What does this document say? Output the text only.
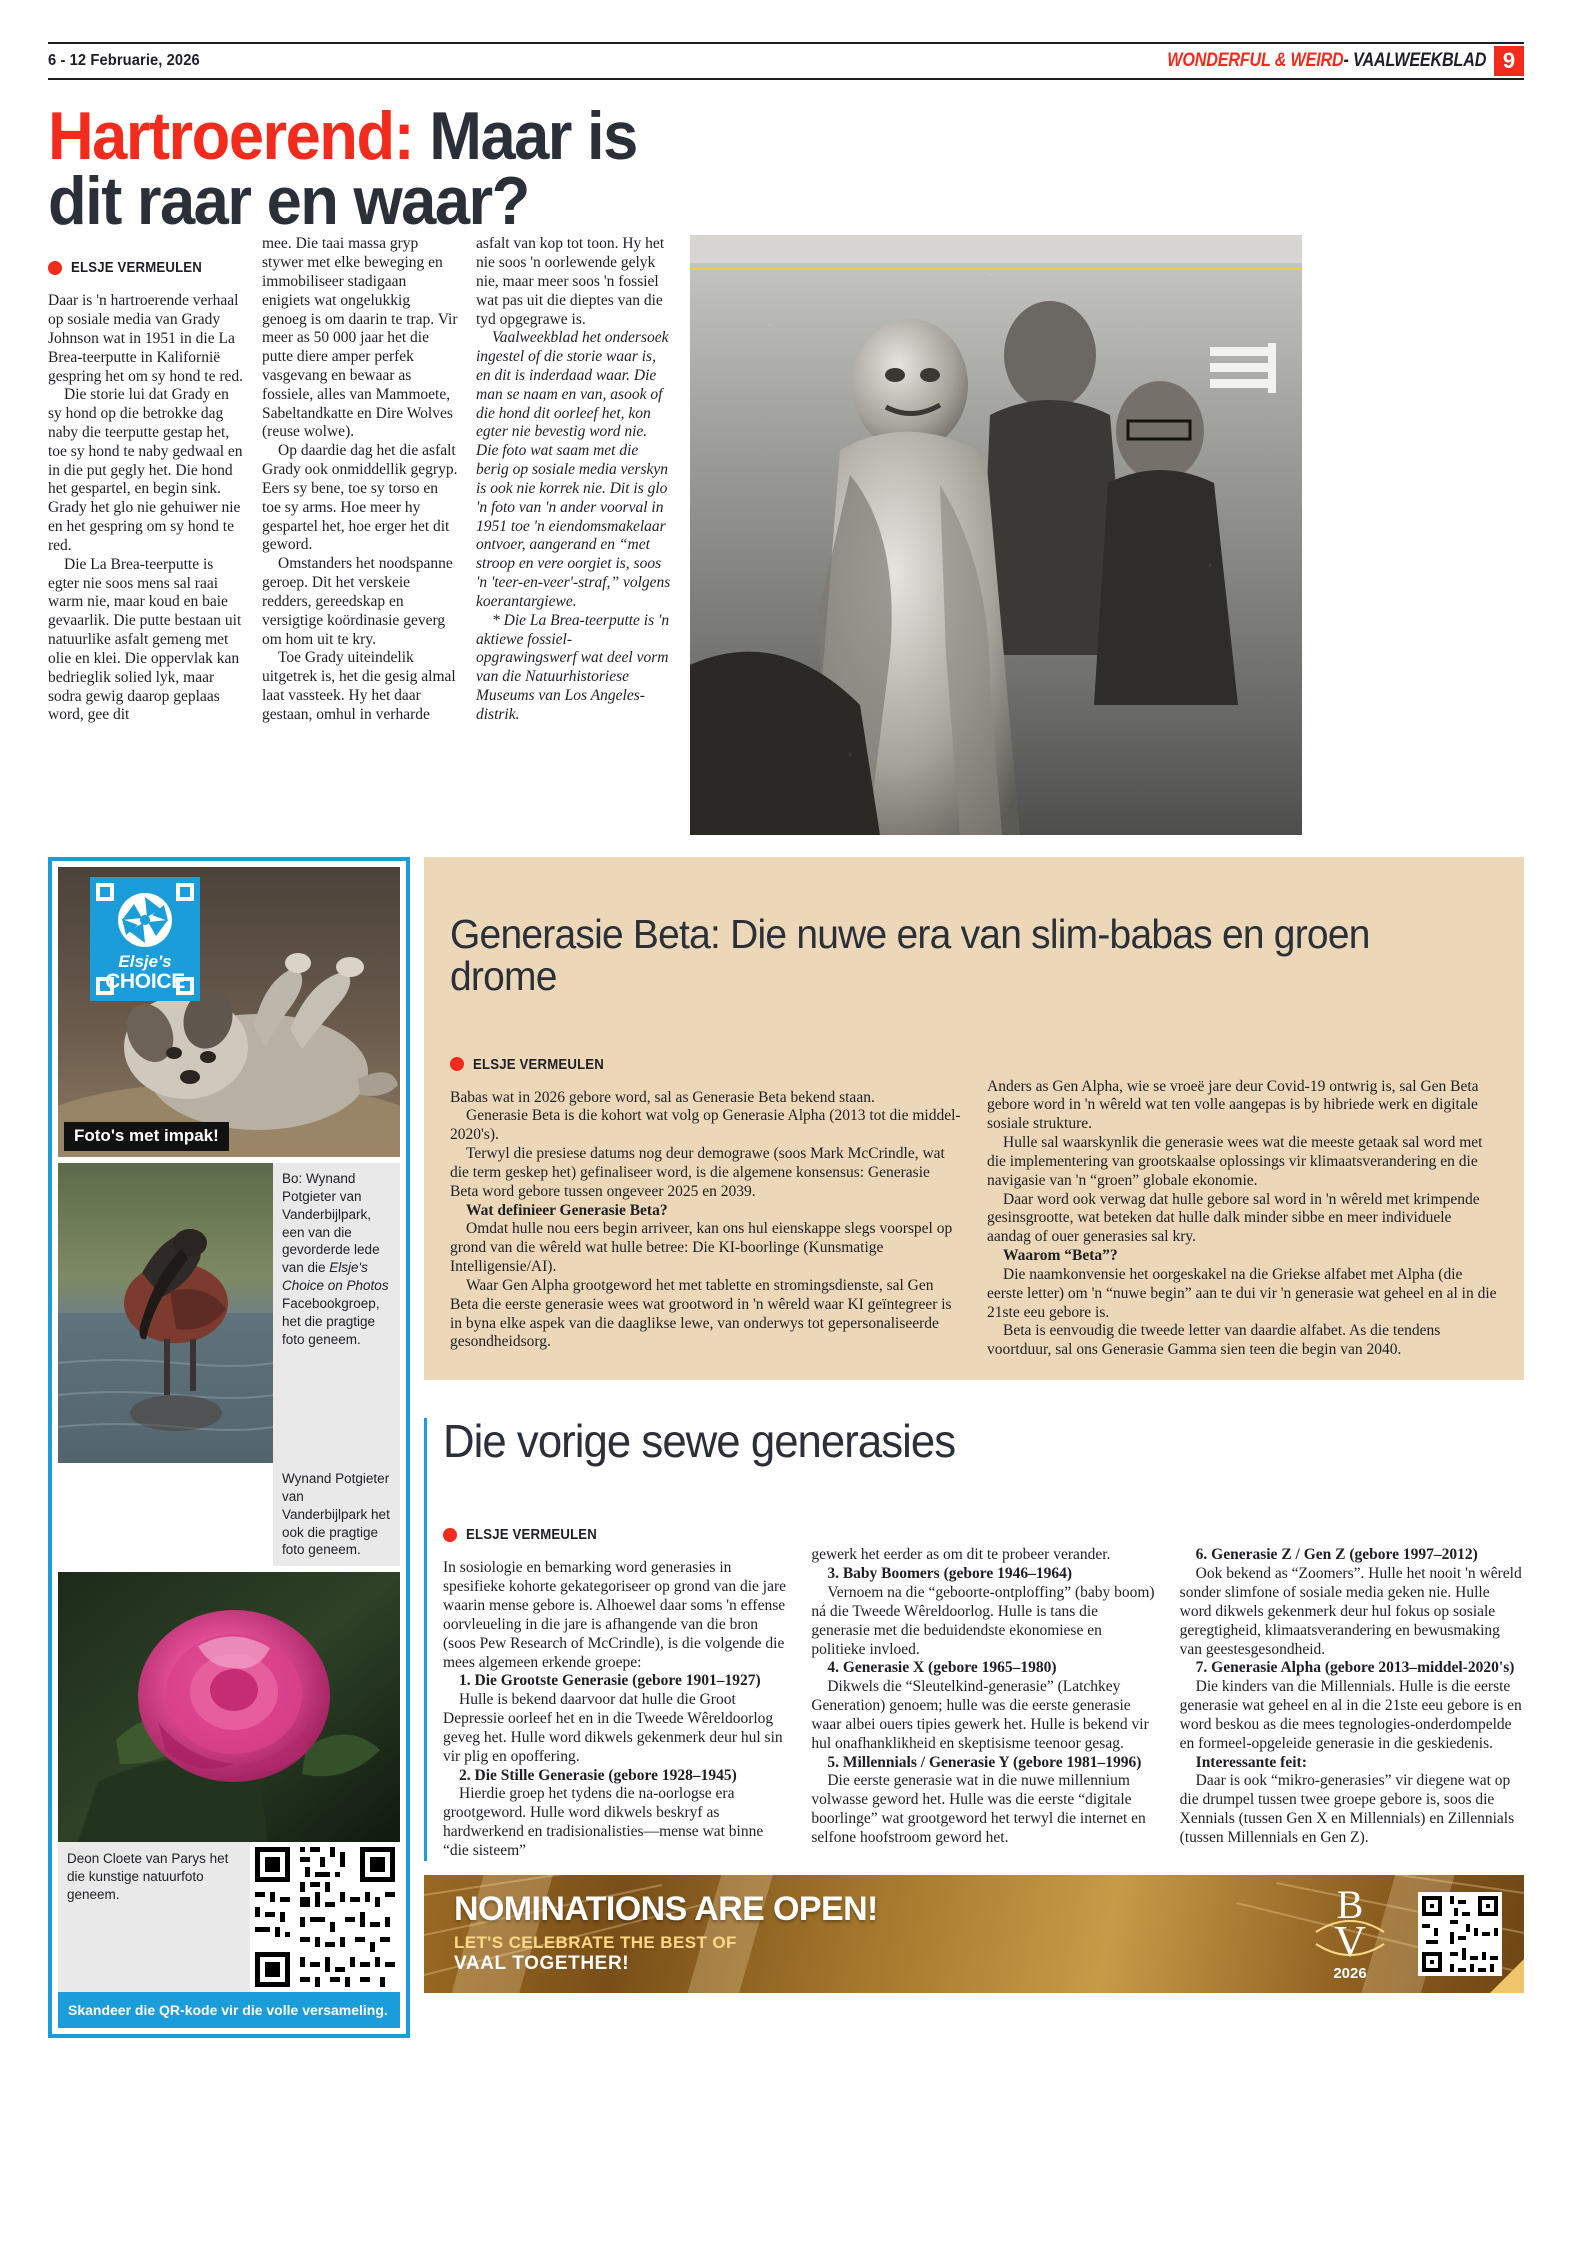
6 - 12 Februarie, 2026	WONDERFUL & WEIRD- VAALWEEKBLAD 9
Hartroerend: Maar is dit raar en waar?
ELSJE VERMEULEN

Daar is 'n hartroerende verhaal op sosiale media van Grady Johnson wat in 1951 in die La Brea-teerputte in Kalifornië gespring het om sy hond te red.

Die storie lui dat Grady en sy hond op die betrokke dag naby die teerputte gestap het, toe sy hond te naby gedwaal en in die put gegly het. Die hond het gespartel, en begin sink. Grady het glo nie gehuiwer nie en het gespring om sy hond te red.

Die La Brea-teerputte is egter nie soos mens sal raai warm nie, maar koud en baie gevaarlik. Die putte bestaan uit natuurlike asfalt gemeng met olie en klei. Die oppervlak kan bedrieglik solied lyk, maar sodra gewig daarop geplaas word, gee dit

mee. Die taai massa gryp stywer met elke beweging en immobiliseer stadigaan enigiets wat ongelukkig genoeg is om daarin te trap. Vir meer as 50 000 jaar het die putte diere amper perfek vasgevang en bewaar as fossiele, alles van Mammoete, Sabeltandkatte en Dire Wolves (reuse wolwe).

Op daardie dag het die asfalt Grady ook onmiddellik gegryp. Eers sy bene, toe sy torso en toe sy arms. Hoe meer hy gespartel het, hoe erger het dit geword.

Omstanders het noodspanne geroep. Dit het verskeie redders, gereedskap en versigtige koördinasie geverg om hom uit te kry.

Toe Grady uiteindelik uitgetrek is, het die gesig almal laat vassteek. Hy het daar gestaan, omhul in verharde

asfalt van kop tot toon. Hy het nie soos 'n oorlewende gelyk nie, maar meer soos 'n fossiel wat pas uit die dieptes van die tyd opgegrawe is.

Vaalweekblad het ondersoek ingestel of die storie waar is, en dit is inderdaad waar. Die man se naam en van, asook of die hond dit oorleef het, kon egter nie bevestig word nie. Die foto wat saam met die berig op sosiale media verskyn is ook nie korrek nie. Dit is glo 'n foto van 'n ander voorval in 1951 toe 'n eiendomsmakelaar ontvoer, aangerand en “met stroop en vere oorgiet is, soos 'n 'teer-en-veer'-straf,” volgens koerantargiewe.

* Die La Brea-teerputte is 'n aktiewe fossiel-opgrawingswerf wat deel vorm van die Natuurhistoriese Museums van Los Angeles-distrik.

Elsje's
CHOICE
Foto's met impak!
Bo: Wynand Potgieter van Vanderbijlpark, een van die gevorderde lede van die Elsje's Choice on Photos Facebookgroep, het die pragtige foto geneem.
Wynand Potgieter van Vanderbijlpark het ook die pragtige foto geneem.
Deon Cloete van Parys het die kunstige natuurfoto geneem.
Skandeer die QR-kode vir die volle versameling.
Generasie Beta: Die nuwe era van slim-babas en groen drome
ELSJE VERMEULEN

Babas wat in 2026 gebore word, sal as Generasie Beta bekend staan.

Generasie Beta is die kohort wat volg op Generasie Alpha (2013 tot die middel-2020's).

Terwyl die presiese datums nog deur demograwe (soos Mark McCrindle, wat die term geskep het) gefinaliseer word, is die algemene konsensus: Generasie Beta word gebore tussen ongeveer 2025 en 2039.

Wat definieer Generasie Beta?

Omdat hulle nou eers begin arriveer, kan ons hul eienskappe slegs voorspel op grond van die wêreld wat hulle betree: Die KI-boorlinge (Kunsmatige Intelligensie/AI).

Waar Gen Alpha grootgeword het met tablette en stromingsdienste, sal Gen Beta die eerste generasie wees wat grootword in 'n wêreld waar KI geïntegreer is in byna elke aspek van die daaglikse lewe, van onderwys tot gepersonaliseerde gesondheidsorg.

Anders as Gen Alpha, wie se vroeë jare deur Covid-19 ontwrig is, sal Gen Beta gebore word in 'n wêreld wat ten volle aangepas is by hibriede werk en digitale sosiale strukture.

Hulle sal waarskynlik die generasie wees wat die meeste getaak sal word met die implementering van grootskaalse oplossings vir klimaatsverandering en die navigasie van 'n “groen” globale ekonomie.

Daar word ook verwag dat hulle gebore sal word in 'n wêreld met krimpende gesinsgrootte, wat beteken dat hulle dalk minder sibbe en meer individuele aandag of ouer generasies sal kry.

Waarom “Beta”?

Die naamkonvensie het oorgeskakel na die Griekse alfabet met Alpha (die eerste letter) om 'n “nuwe begin” aan te dui vir 'n generasie wat geheel en al in die 21ste eeu gebore is.

Beta is eenvoudig die tweede letter van daardie alfabet. As die tendens voortduur, sal ons Generasie Gamma sien teen die begin van 2040.

Die vorige sewe generasies
ELSJE VERMEULEN

In sosiologie en bemarking word generasies in spesifieke kohorte gekategoriseer op grond van die jare waarin mense gebore is. Alhoewel daar soms 'n effense oorvleueling in die jare is afhangende van die bron (soos Pew Research of McCrindle), is die volgende die mees algemeen erkende groepe:

1. Die Grootste Generasie (gebore 1901–1927)

Hulle is bekend daarvoor dat hulle die Groot Depressie oorleef het en in die Tweede Wêreldoorlog geveg het. Hulle word dikwels gekenmerk deur hul sin vir plig en opoffering.

2. Die Stille Generasie (gebore 1928–1945)

Hierdie groep het tydens die na-oorlogse era grootgeword. Hulle word dikwels beskryf as hardwerkend en tradisionalisties—mense wat binne “die sisteem”

gewerk het eerder as om dit te probeer verander.

3. Baby Boomers (gebore 1946–1964)

Vernoem na die “geboorte-ontploffing” (baby boom) ná die Tweede Wêreldoorlog. Hulle is tans die generasie met die beduidendste ekonomiese en politieke invloed.

4. Generasie X (gebore 1965–1980)

Dikwels die “Sleutelkind-generasie” (Latchkey Generation) genoem; hulle was die eerste generasie waar albei ouers tipies gewerk het. Hulle is bekend vir hul onafhanklikheid en skeptisisme teenoor gesag.

5. Millennials / Generasie Y (gebore 1981–1996)

Die eerste generasie wat in die nuwe millennium volwasse geword het. Hulle was die eerste “digitale boorlinge” wat grootgeword het terwyl die internet en selfone hoofstroom geword het.

6. Generasie Z / Gen Z (gebore 1997–2012)

Ook bekend as “Zoomers”. Hulle het nooit 'n wêreld sonder slimfone of sosiale media geken nie. Hulle word dikwels gekenmerk deur hul fokus op sosiale geregtigheid, klimaatsverandering en bewusmaking van geestesgesondheid.

7. Generasie Alpha (gebore 2013–middel-2020's)

Die kinders van die Millennials. Hulle is die eerste generasie wat geheel en al in die 21ste eeu gebore is en word beskou as die mees tegnologies-onderdompelde en formeel-opgeleide generasie in die geskiedenis.

Interessante feit:

Daar is ook “mikro-generasies” vir diegene wat op die drumpel tussen twee groepe gebore is, soos die Xennials (tussen Gen X en Millennials) en Zillennials (tussen Millennials en Gen Z).

NOMINATIONS ARE OPEN!
LET'S CELEBRATE THE BEST OF
VAAL TOGETHER!
B
V
2026
